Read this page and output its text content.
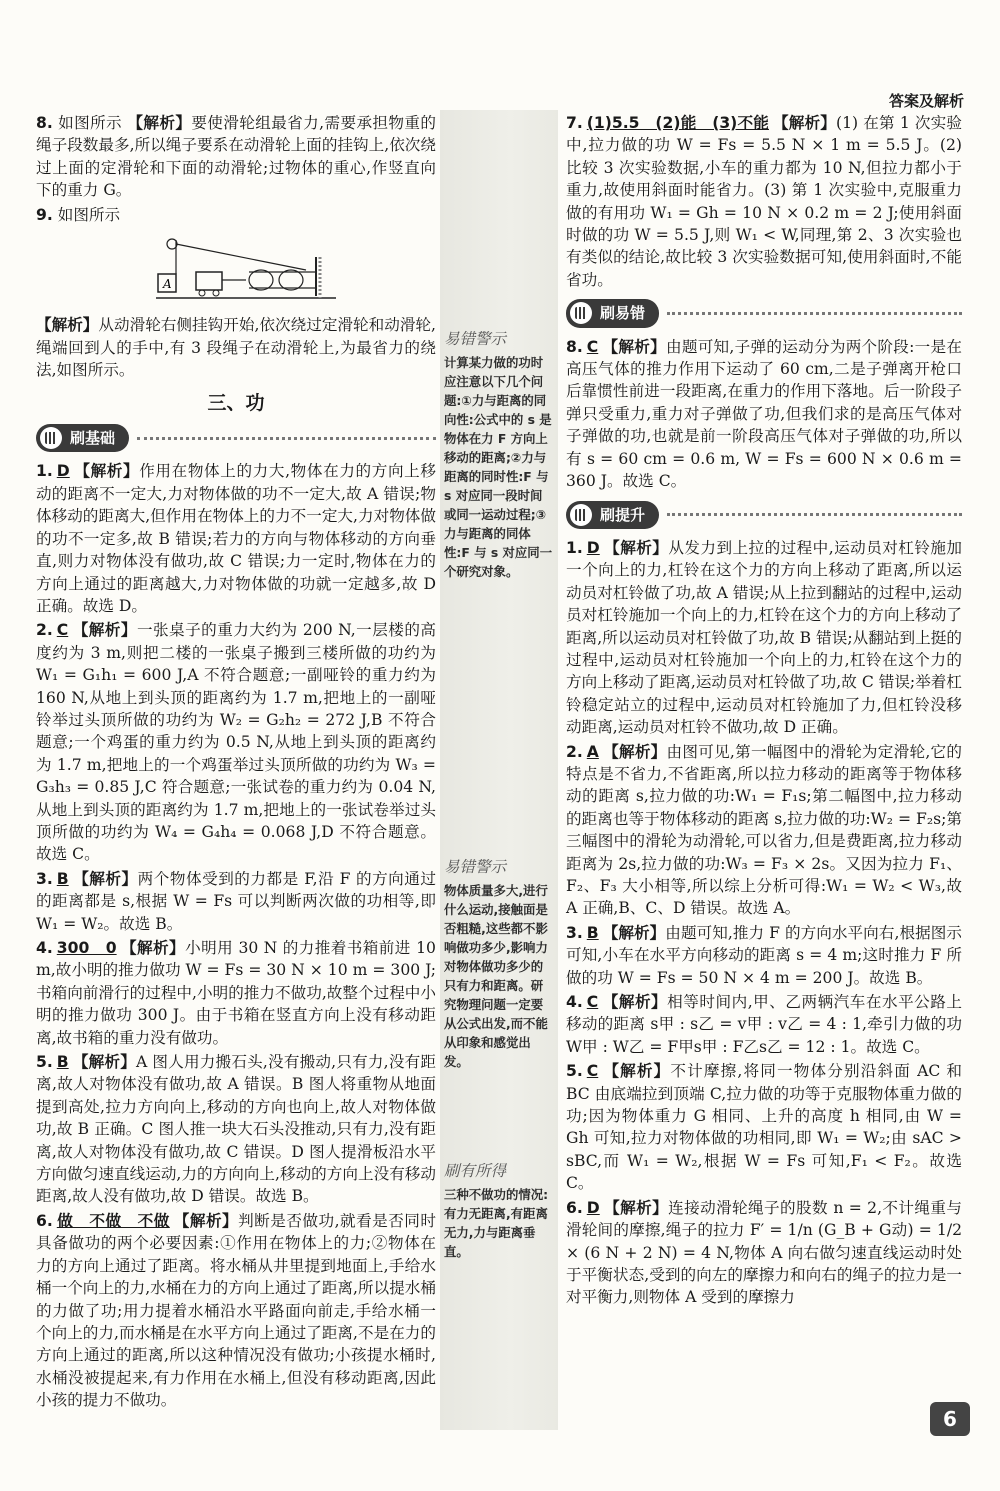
答案及解析

8. 如图所示 【解析】要使滑轮组最省力,需要承担物重的绳子段数最多,所以绳子要系在动滑轮上面的挂钩上,依次绕过上面的定滑轮和下面的动滑轮;过物体的重心,作竖直向下的重力 G。

9. 如图所示

A

【解析】从动滑轮右侧挂钩开始,依次绕过定滑轮和动滑轮,绳端回到人的手中,有 3 段绳子在动滑轮上,为最省力的绕法,如图所示。

三、功
刷基础

1. D 【解析】作用在物体上的力大,物体在力的方向上移动的距离不一定大,力对物体做的功不一定大,故 A 错误;物体移动的距离大,但作用在物体上的力不一定大,力对物体做的功不一定多,故 B 错误;若力的方向与物体移动的方向垂直,则力对物体没有做功,故 C 错误;力一定时,物体在力的方向上通过的距离越大,力对物体做的功就一定越多,故 D 正确。故选 D。

2. C 【解析】一张桌子的重力大约为 200 N,一层楼的高度约为 3 m,则把二楼的一张桌子搬到三楼所做的功约为 W₁ = G₁h₁ = 600 J,A 不符合题意;一副哑铃的重力约为 160 N,从地上到头顶的距离约为 1.7 m,把地上的一副哑铃举过头顶所做的功约为 W₂ = G₂h₂ = 272 J,B 不符合题意;一个鸡蛋的重力约为 0.5 N,从地上到头顶的距离约为 1.7 m,把地上的一个鸡蛋举过头顶所做的功约为 W₃ = G₃h₃ = 0.85 J,C 符合题意;一张试卷的重力约为 0.04 N,从地上到头顶的距离约为 1.7 m,把地上的一张试卷举过头顶所做的功约为 W₄ = G₄h₄ = 0.068 J,D 不符合题意。故选 C。

3. B 【解析】两个物体受到的力都是 F,沿 F 的方向通过的距离都是 s,根据 W = Fs 可以判断两次做的功相等,即 W₁ = W₂。故选 B。

4. 300　0 【解析】小明用 30 N 的力推着书箱前进 10 m,故小明的推力做功 W = Fs = 30 N × 10 m = 300 J;书箱向前滑行的过程中,小明的推力不做功,故整个过程中小明的推力做功 300 J。由于书箱在竖直方向上没有移动距离,故书箱的重力没有做功。

5. B 【解析】A 图人用力搬石头,没有搬动,只有力,没有距离,故人对物体没有做功,故 A 错误。B 图人将重物从地面提到高处,拉力方向向上,移动的方向也向上,故人对物体做功,故 B 正确。C 图人推一块大石头没推动,只有力,没有距离,故人对物体没有做功,故 C 错误。D 图人提滑板沿水平方向做匀速直线运动,力的方向向上,移动的方向上没有移动距离,故人没有做功,故 D 错误。故选 B。

6. 做　不做　不做 【解析】判断是否做功,就看是否同时具备做功的两个必要因素:①作用在物体上的力;②物体在力的方向上通过了距离。将水桶从井里提到地面上,手给水桶一个向上的力,水桶在力的方向上通过了距离,所以提水桶的力做了功;用力提着水桶沿水平路面向前走,手给水桶一个向上的力,而水桶是在水平方向上通过了距离,不是在力的方向上通过的距离,所以这种情况没有做功;小孩提水桶时,水桶没被提起来,有力作用在水桶上,但没有移动距离,因此小孩的提力不做功。

易错警示
计算某力做的功时应注意以下几个问题:①力与距离的同向性:公式中的 s 是物体在力 F 方向上移动的距离;②力与距离的同时性:F 与 s 对应同一段时间或同一运动过程;③力与距离的同体性:F 与 s 对应同一个研究对象。
易错警示
物体质量多大,进行什么运动,接触面是否粗糙,这些都不影响做功多少,影响力对物体做功多少的只有力和距离。研究物理问题一定要从公式出发,而不能从印象和感觉出发。
刷有所得
三种不做功的情况:有力无距离,有距离无力,力与距离垂直。

7. (1)5.5　(2)能　(3)不能 【解析】(1) 在第 1 次实验中,拉力做的功 W = Fs = 5.5 N × 1 m = 5.5 J。(2) 比较 3 次实验数据,小车的重力都为 10 N,但拉力都小于重力,故使用斜面时能省力。(3) 第 1 次实验中,克服重力做的有用功 W₁ = Gh = 10 N × 0.2 m = 2 J;使用斜面时做的功 W = 5.5 J,则 W₁ < W,同理,第 2、3 次实验也有类似的结论,故比较 3 次实验数据可知,使用斜面时,不能省功。

刷易错

8. C 【解析】由题可知,子弹的运动分为两个阶段:一是在高压气体的推力作用下运动了 60 cm,二是子弹离开枪口后靠惯性前进一段距离,在重力的作用下落地。后一阶段子弹只受重力,重力对子弹做了功,但我们求的是高压气体对子弹做的功,也就是前一阶段高压气体对子弹做的功,所以有 s = 60 cm = 0.6 m, W = Fs = 600 N × 0.6 m = 360 J。故选 C。

刷提升

1. D 【解析】从发力到上拉的过程中,运动员对杠铃施加一个向上的力,杠铃在这个力的方向上移动了距离,所以运动员对杠铃做了功,故 A 错误;从上拉到翻站的过程中,运动员对杠铃施加一个向上的力,杠铃在这个力的方向上移动了距离,所以运动员对杠铃做了功,故 B 错误;从翻站到上挺的过程中,运动员对杠铃施加一个向上的力,杠铃在这个力的方向上移动了距离,运动员对杠铃做了功,故 C 错误;举着杠铃稳定站立的过程中,运动员对杠铃施加了力,但杠铃没移动距离,运动员对杠铃不做功,故 D 正确。

2. A 【解析】由图可见,第一幅图中的滑轮为定滑轮,它的特点是不省力,不省距离,所以拉力移动的距离等于物体移动的距离 s,拉力做的功:W₁ = F₁s;第二幅图中,拉力移动的距离也等于物体移动的距离 s,拉力做的功:W₂ = F₂s;第三幅图中的滑轮为动滑轮,可以省力,但是费距离,拉力移动距离为 2s,拉力做的功:W₃ = F₃ × 2s。又因为拉力 F₁、F₂、F₃ 大小相等,所以综上分析可得:W₁ = W₂ < W₃,故 A 正确,B、C、D 错误。故选 A。

3. B 【解析】由题可知,推力 F 的方向水平向右,根据图示可知,小车在水平方向移动的距离 s = 4 m;这时推力 F 所做的功 W = Fs = 50 N × 4 m = 200 J。故选 B。

4. C 【解析】相等时间内,甲、乙两辆汽车在水平公路上移动的距离 s甲 : s乙 = v甲 : v乙 = 4 : 1,牵引力做的功 W甲 : W乙 = F甲s甲 : F乙s乙 = 12 : 1。故选 C。

5. C 【解析】不计摩擦,将同一物体分别沿斜面 AC 和 BC 由底端拉到顶端 C,拉力做的功等于克服物体重力做的功;因为物体重力 G 相同、上升的高度 h 相同,由 W = Gh 可知,拉力对物体做的功相同,即 W₁ = W₂;由 sAC > sBC,而 W₁ = W₂,根据 W = Fs 可知,F₁ < F₂。故选 C。

6. D 【解析】连接动滑轮绳子的股数 n = 2,不计绳重与滑轮间的摩擦,绳子的拉力 F′ = 1/n (G_B + G动) = 1/2 × (6 N + 2 N) = 4 N,物体 A 向右做匀速直线运动时处于平衡状态,受到的向左的摩擦力和向右的绳子的拉力是一对平衡力,则物体 A 受到的摩擦力

6
